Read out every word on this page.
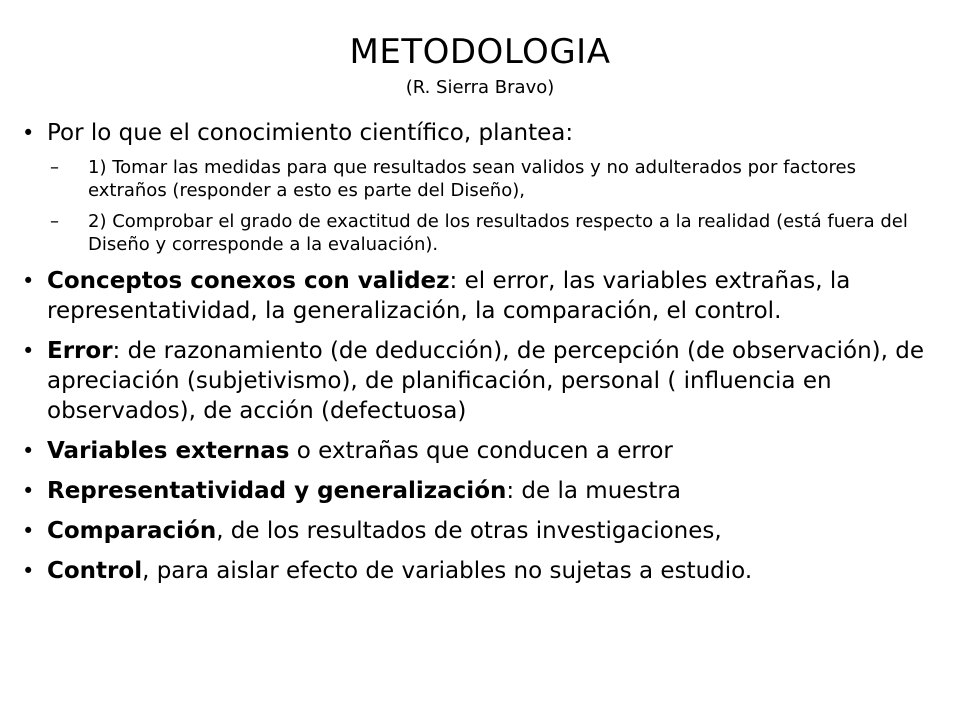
METODOLOGIA
(R. Sierra Bravo)
• Por lo que el conocimiento científico, plantea:
– 1) Tomar las medidas para que resultados sean validos y no adulterados por factores extraños (responder a esto es parte del Diseño),
– 2) Comprobar el grado de exactitud de los resultados respecto a la realidad (está fuera del Diseño y corresponde a la evaluación).
• Conceptos conexos con validez: el error, las variables extrañas, la representatividad, la generalización, la comparación, el control.
• Error: de razonamiento (de deducción), de percepción (de observación), de apreciación (subjetivismo), de planificación, personal ( influencia en observados), de acción (defectuosa)
• Variables externas o extrañas que conducen a error
• Representatividad y generalización: de la muestra
• Comparación, de los resultados de otras investigaciones,
• Control, para aislar efecto de variables no sujetas a estudio.
